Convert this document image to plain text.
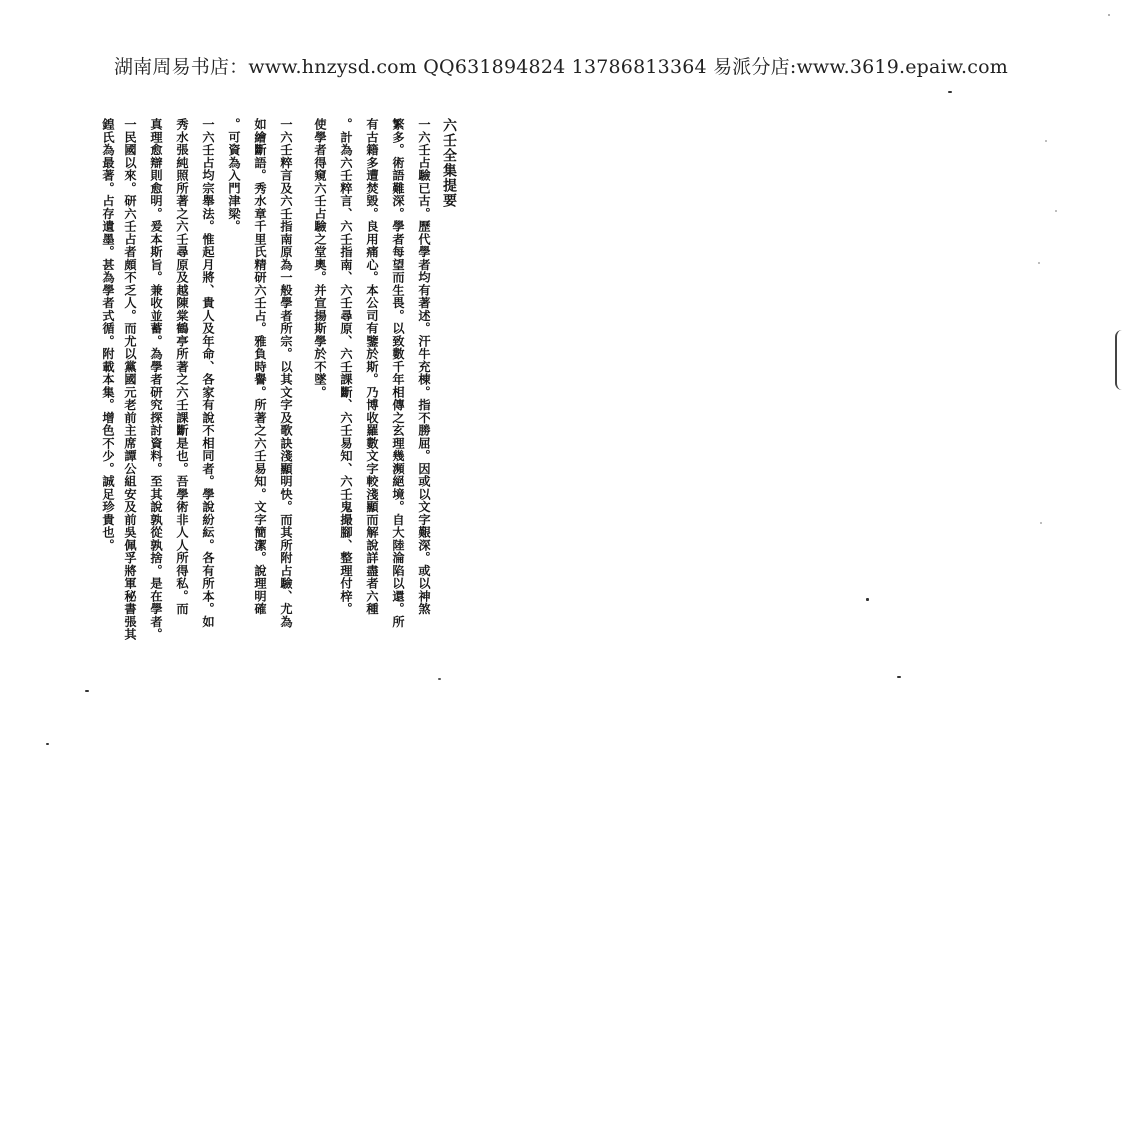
湖南周易书店：www.hnzysd.com QQ631894824 13786813364 易派分店:www.3619.epaiw.com
六壬全集提要
一六壬占驗已古。歷代學者均有著述。汗牛充棟。指不勝屈。因或以文字艱深。或以神煞
繁多。術語難深。學者每望而生畏。以致數千年相傳之玄理幾瀕絕境。自大陸淪陷以還。所
有古籍多遭焚毀。良用痛心。本公司有鑒於斯。乃博收羅數文字較淺顯而解說詳盡者六種
。計為六壬粹言、六壬指南、六壬尋原、六壬課斷、六壬易知、六壬鬼撮腳、整理付梓。
使學者得窺六壬占驗之堂奧。并宣揚斯學於不墜。
一六壬粹言及六壬指南原為一般學者所宗。以其文字及歌訣淺顯明快。而其所附占驗、尤為
如繪斷語。秀水章千里氏精研六壬占。雅負時譽。所著之六壬易知。文字簡潔。說理明確
。可資為入門津梁。
一六壬占均宗舉法。惟起月將、貴人及年命、各家有說不相同者。學說紛紜。各有所本。如
秀水張純照所著之六壬尋原及越陳棠鶴亭所著之六壬課斷是也。吾學術非人人所得私。而
真理愈辯則愈明。爰本斯旨。兼收並蓄。為學者研究探討資料。至其說孰從孰捨。是在學者。
一民國以來。研六壬占者頗不乏人。而尤以黨國元老前主席譚公組安及前吳佩孚將軍秘書張其
鍠氏為最著。占存遺墨。甚為學者式循。附載本集。增色不少。誠足珍貴也。
